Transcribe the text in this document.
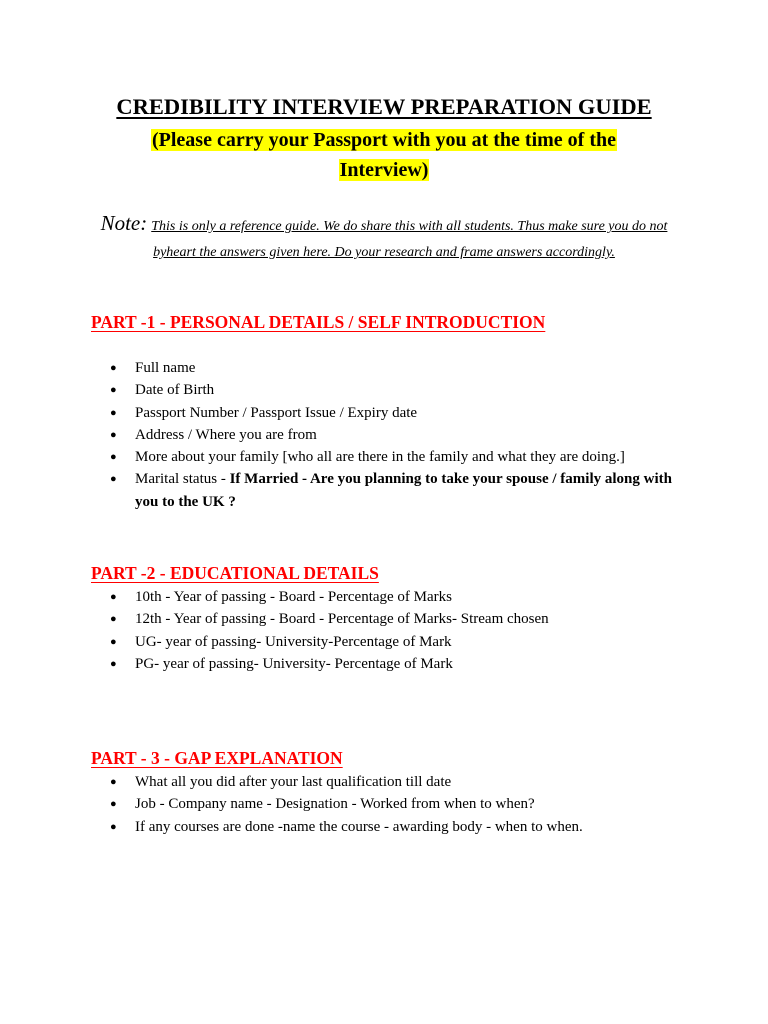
CREDIBILITY INTERVIEW PREPARATION GUIDE
(Please carry your Passport with you at the time of the
Interview)
Note: This is only a reference guide. We do share this with all students. Thus make sure you do not byheart the answers given here. Do your research and frame answers accordingly.
PART -1 - PERSONAL DETAILS / SELF INTRODUCTION
● Full name
● Date of Birth
● Passport Number / Passport Issue / Expiry date
● Address / Where you are from
● More about your family [who all are there in the family and what they are doing.]
● Marital status - If Married - Are you planning to take your spouse / family along with you to the UK ?
PART -2 - EDUCATIONAL DETAILS
● 10th - Year of passing - Board - Percentage of Marks
● 12th - Year of passing - Board - Percentage of Marks- Stream chosen
● UG- year of passing- University-Percentage of Mark
● PG- year of passing- University- Percentage of Mark
PART - 3 - GAP EXPLANATION
● What all you did after your last qualification till date
● Job - Company name - Designation - Worked from when to when?
● If any courses are done -name the course - awarding body - when to when.
